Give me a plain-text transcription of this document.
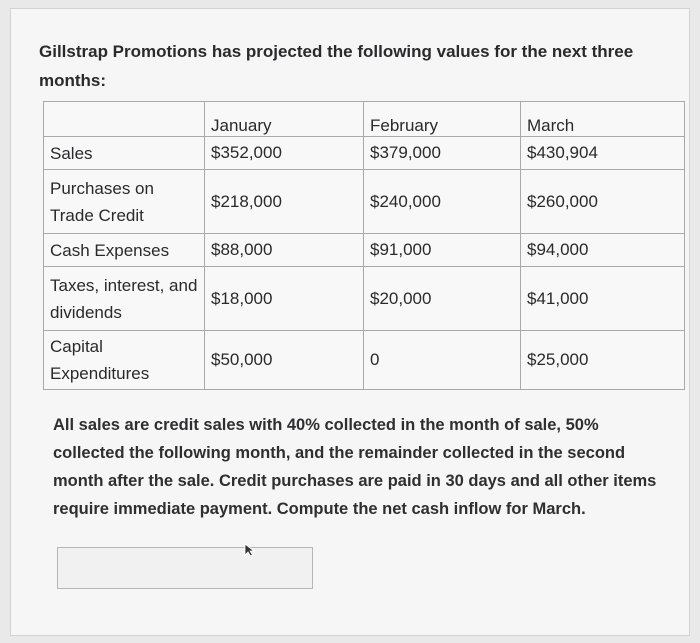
Gillstrap Promotions has projected the following values for the next three months:

	January	February	March
Sales	$352,000	$379,000	$430,904
Purchases on Trade Credit	$218,000	$240,000	$260,000
Cash Expenses	$88,000	$91,000	$94,000
Taxes, interest, and dividends	$18,000	$20,000	$41,000
Capital Expenditures	$50,000	0	$25,000

All sales are credit sales with 40% collected in the month of sale, 50% collected the following month, and the remainder collected in the second month after the sale. Credit purchases are paid in 30 days and all other items require immediate payment. Compute the net cash inflow for March.
